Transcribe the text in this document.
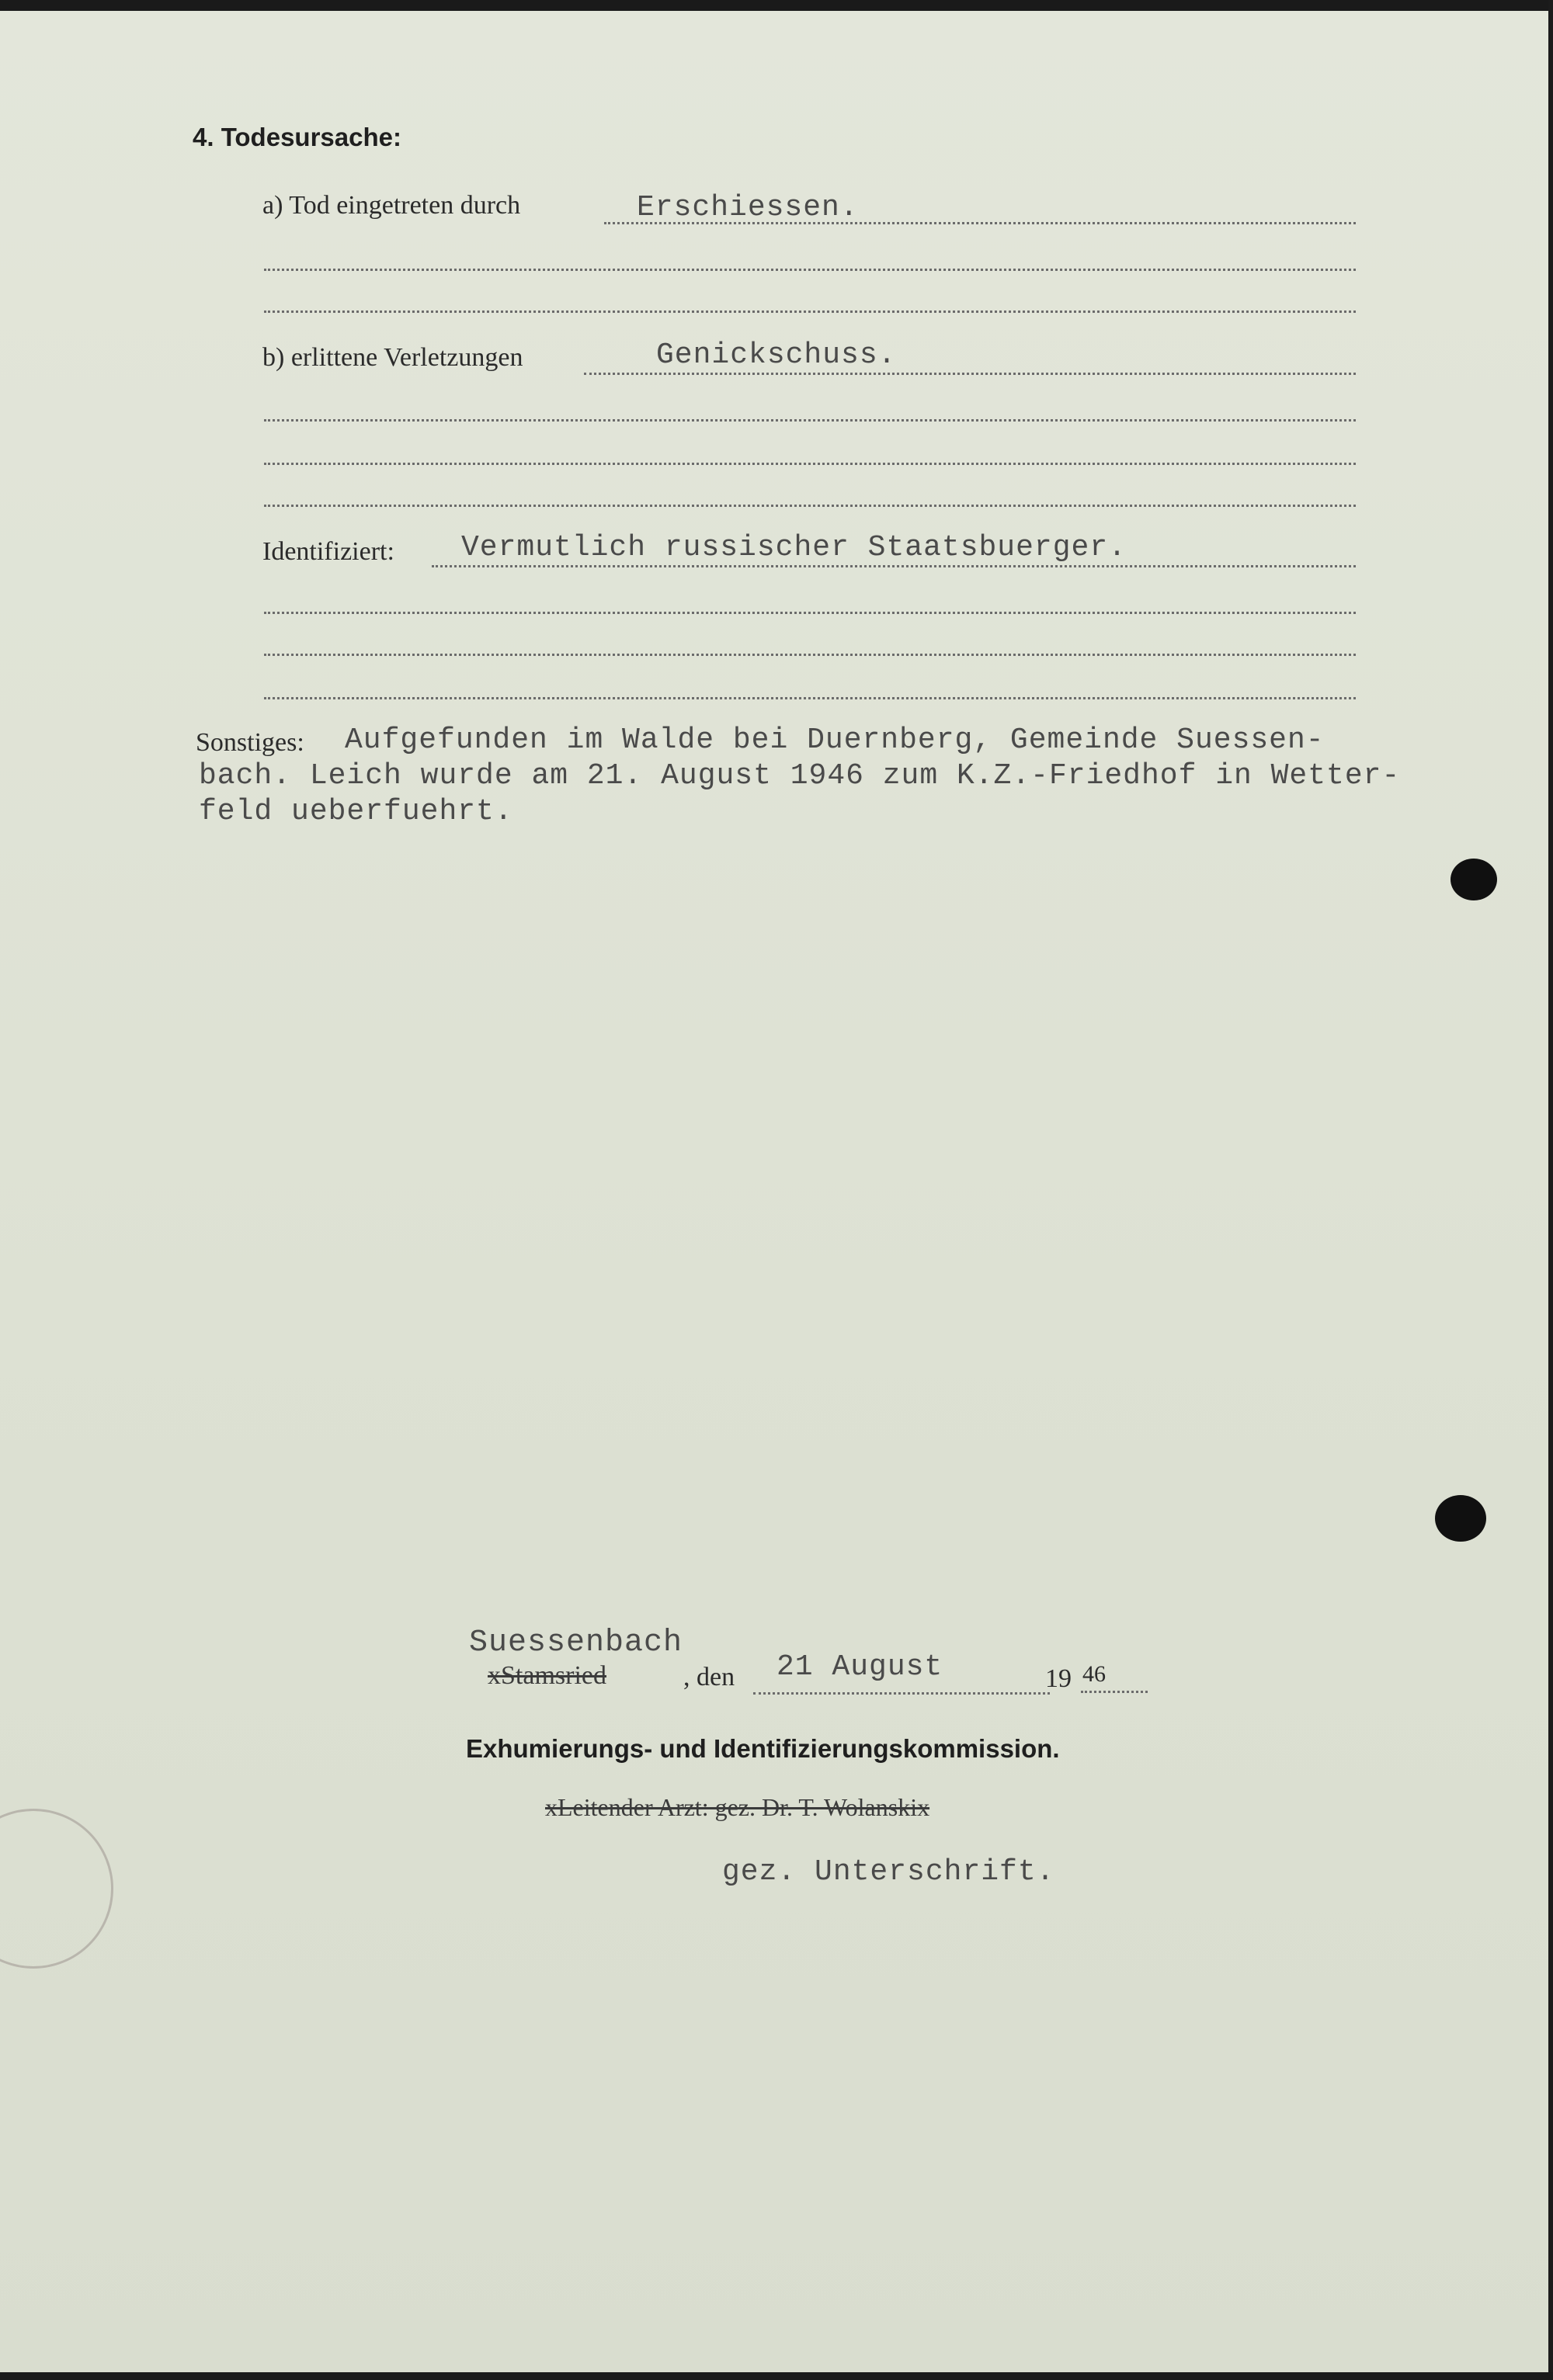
4. Todesursache:
a) Tod eingetreten durch	Erschiessen.
b) erlittene Verletzungen	Genickschuss.
Identifiziert: Vermutlich russischer Staatsbuerger.
Sonstiges: Aufgefunden im Walde bei Duernberg, Gemeinde Suessen-
bach. Leich wurde am 21. August 1946 zum K.Z.-Friedhof in Wetter-
feld ueberfuehrt.
Suessenbach
xStamsried	, den 21 August	19 46
Exhumierungs- und Identifizierungskommission.
xLeitender Arzt: gez. Dr. T. Wolanskix
gez. Unterschrift.
